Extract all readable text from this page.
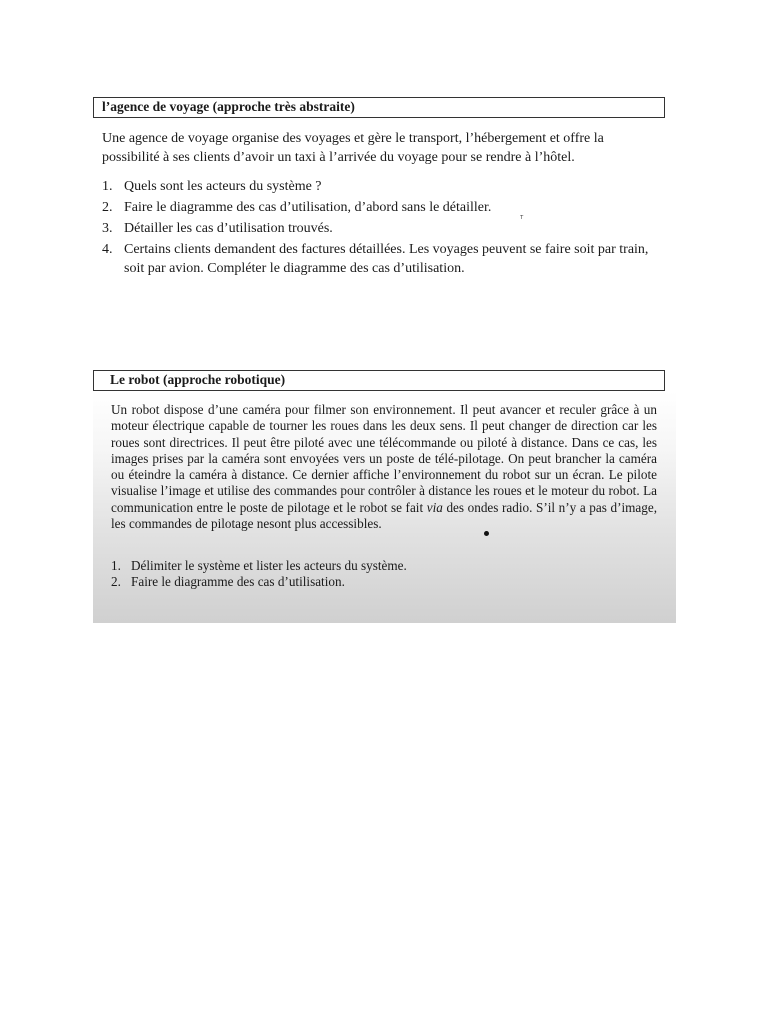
l’agence de voyage (approche très abstraite)

Une agence de voyage organise des voyages et gère le transport, l’hébergement et offre la possibilité à ses clients d’avoir un taxi à l’arrivée du voyage pour se rendre à l’hôtel.

1. Quels sont les acteurs du système ?
2. Faire le diagramme des cas d’utilisation, d’abord sans le détailler.
3. Détailler les cas d’utilisation trouvés.
4. Certains clients demandent des factures détaillées. Les voyages peuvent se faire soit par train, soit par avion. Compléter le diagramme des cas d’utilisation.
ᵀ
Le robot (approche robotique)

Un robot dispose d’une caméra pour filmer son environnement. Il peut avancer et reculer grâce à un moteur électrique capable de tourner les roues dans les deux sens. Il peut changer de direction car les roues sont directrices. Il peut être piloté avec une télécommande ou piloté à distance. Dans ce cas, les images prises par la caméra sont envoyées vers un poste de télé-pilotage. On peut brancher la caméra ou éteindre la caméra à distance. Ce dernier affiche l’environnement du robot sur un écran. Le pilote visualise l’image et utilise des commandes pour contrôler à distance les roues et le moteur du robot. La communication entre le poste de pilotage et le robot se fait via des ondes radio. S’il n’y a pas d’image, les commandes de pilotage nesont plus accessibles.

1. Délimiter le système et lister les acteurs du système.
2. Faire le diagramme des cas d’utilisation.
